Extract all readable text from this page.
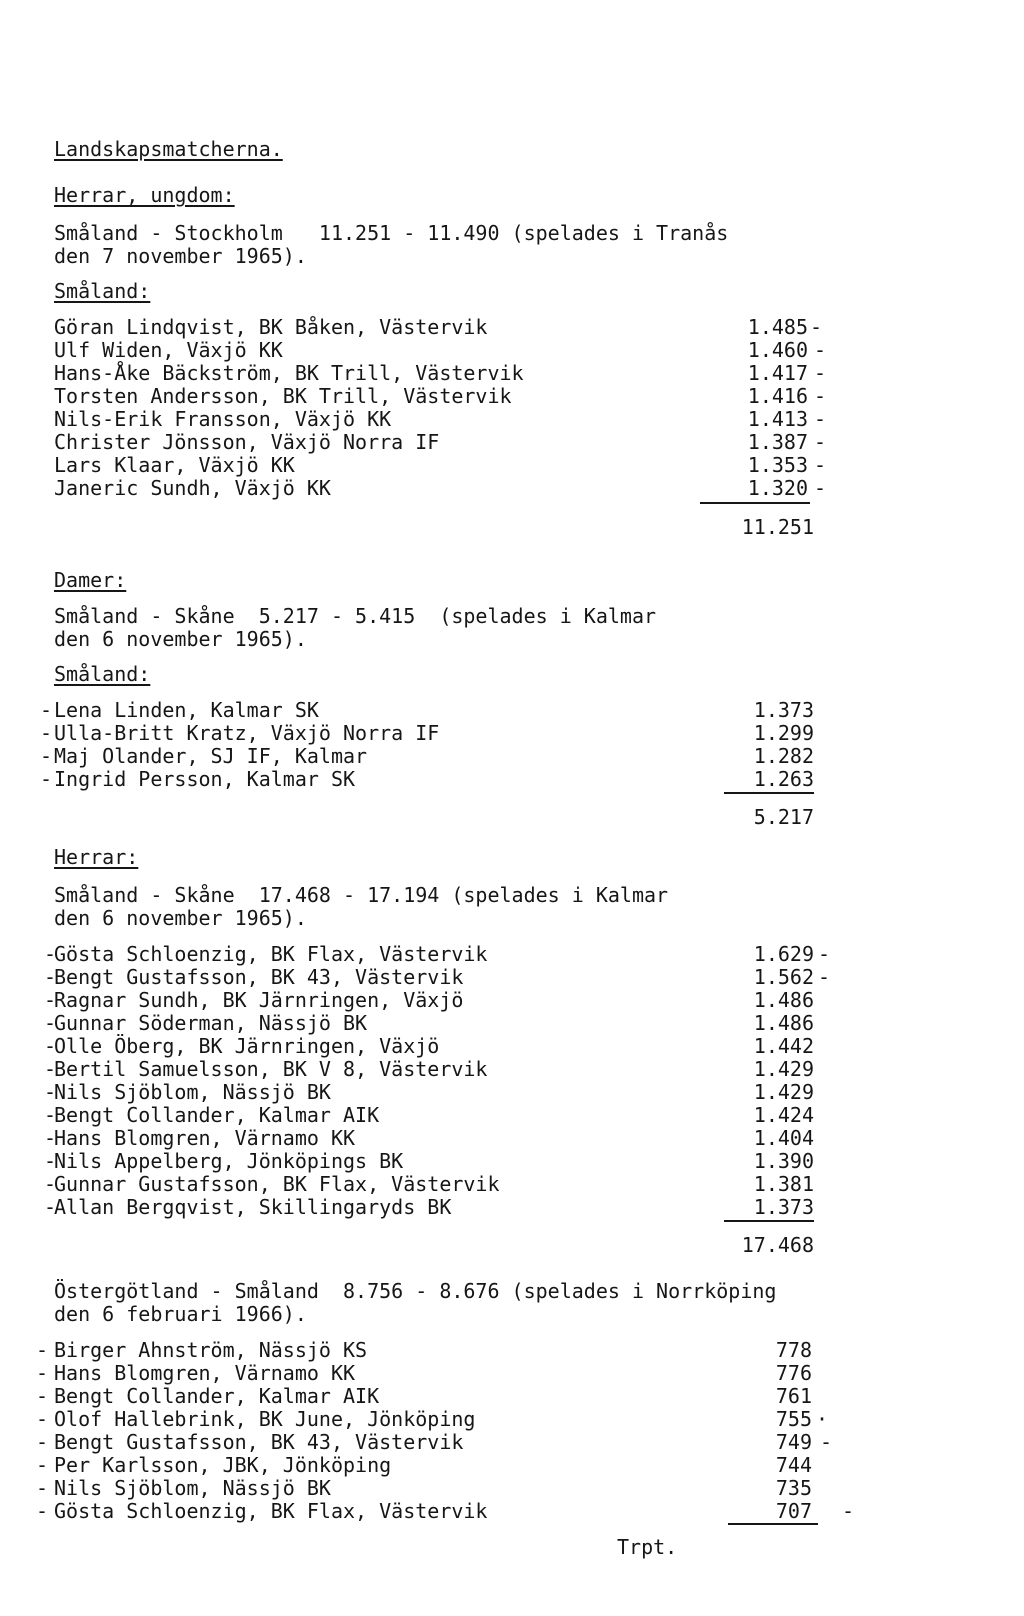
Landskapsmatcherna.
Herrar, ungdom:
Småland - Stockholm   11.251 - 11.490 (spelades i Tranås
den 7 november 1965).
Småland:
Göran Lindqvist, BK Båken, Västervik	1.485 -
Ulf Widen, Växjö KK	1.460 -
Hans-Åke Bäckström, BK Trill, Västervik	1.417 -
Torsten Andersson, BK Trill, Västervik	1.416 -
Nils-Erik Fransson, Växjö KK	1.413 -
Christer Jönsson, Växjö Norra IF	1.387 -
Lars Klaar, Växjö KK	1.353 -
Janeric Sundh, Växjö KK	1.320 -
11.251
Damer:
Småland - Skåne  5.217 - 5.415  (spelades i Kalmar
den 6 november 1965).
Småland:
- Lena Linden, Kalmar SK	1.373
- Ulla-Britt Kratz, Växjö Norra IF	1.299
- Maj Olander, SJ IF, Kalmar	1.282
- Ingrid Persson, Kalmar SK	1.263
5.217
Herrar:
Småland - Skåne  17.468 - 17.194 (spelades i Kalmar
den 6 november 1965).
-
Gösta Schloenzig, BK Flax, Västervik	1.629 -
-
Bengt Gustafsson, BK 43, Västervik	1.562 -
-
Ragnar Sundh, BK Järnringen, Växjö	1.486
-
Gunnar Söderman, Nässjö BK	1.486
-
Olle Öberg, BK Järnringen, Växjö	1.442
-
Bertil Samuelsson, BK V 8, Västervik	1.429
-
Nils Sjöblom, Nässjö BK	1.429
-
Bengt Collander, Kalmar AIK	1.424
-
Hans Blomgren, Värnamo KK	1.404
-
Nils Appelberg, Jönköpings BK	1.390
-
Gunnar Gustafsson, BK Flax, Västervik	1.381
-
Allan Bergqvist, Skillingaryds BK	1.373
17.468
Östergötland - Småland  8.756 - 8.676 (spelades i Norrköping
den 6 februari 1966).
- Birger Ahnström, Nässjö KS	778
- Hans Blomgren, Värnamo KK	776
- Bengt Collander, Kalmar AIK	761
- Olof Hallebrink, BK June, Jönköping	755 ·
- Bengt Gustafsson, BK 43, Västervik	749 -
- Per Karlsson, JBK, Jönköping	744
- Nils Sjöblom, Nässjö BK	735
- Gösta Schloenzig, BK Flax, Västervik	707 -
Trpt.
